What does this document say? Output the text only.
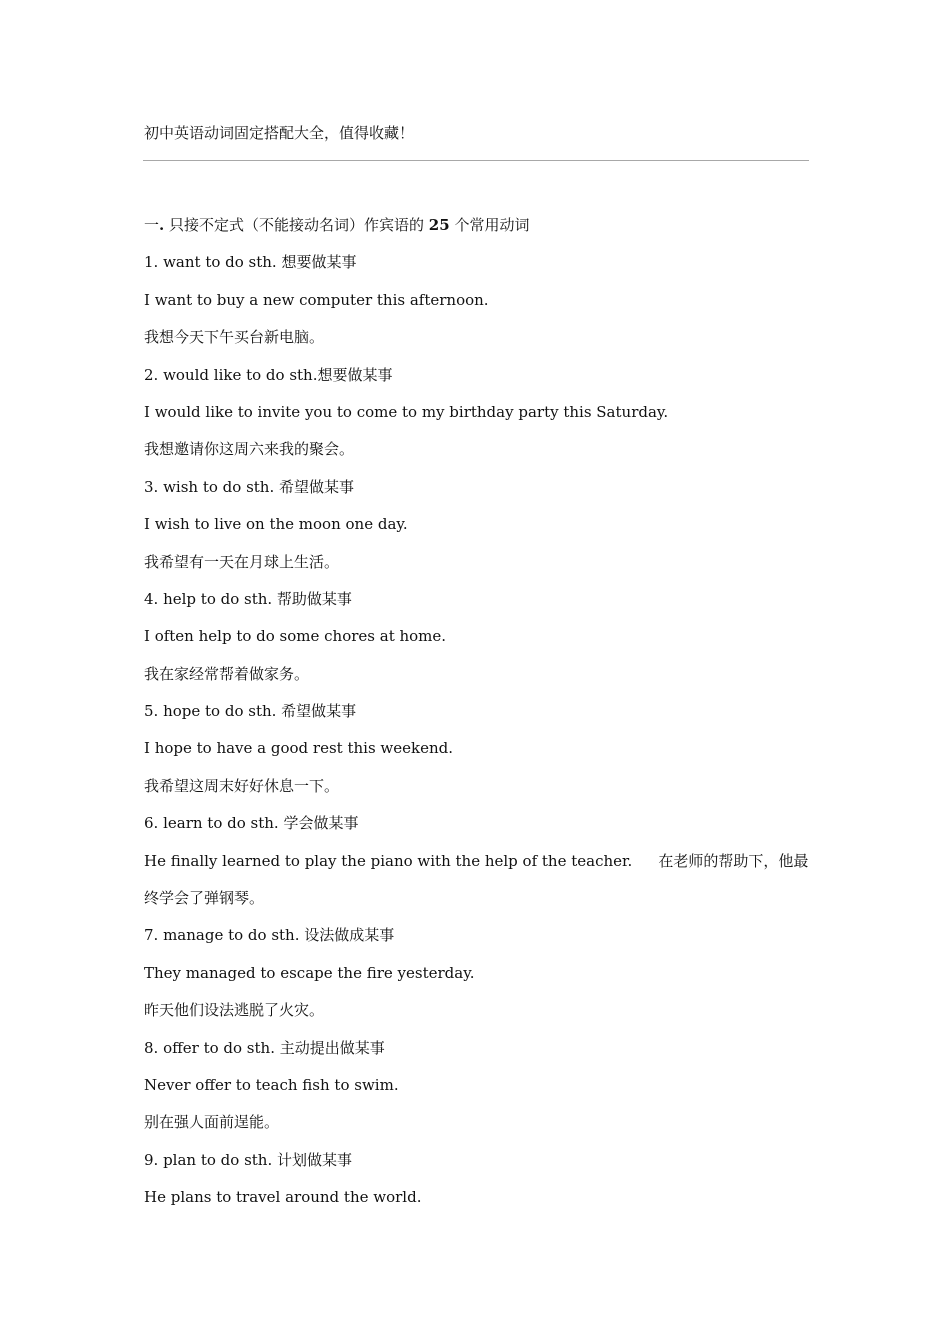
初中英语动词固定搭配大全，值得收藏！
一. 只接不定式（不能接动名词）作宾语的 25 个常用动词
1. want to do sth. 想要做某事
I want to buy a new computer this afternoon.
我想今天下午买台新电脑。
2. would like to do sth.想要做某事
I would like to invite you to come to my birthday party this Saturday.
我想邀请你这周六来我的聚会。
3. wish to do sth. 希望做某事
I wish to live on the moon one day.
我希望有一天在月球上生活。
4. help to do sth. 帮助做某事
I often help to do some chores at home.
我在家经常帮着做家务。
5. hope to do sth. 希望做某事
I hope to have a good rest this weekend.
我希望这周末好好休息一下。
6. learn to do sth. 学会做某事
He finally learned to play the piano with the help of the teacher. 在老师的帮助下，他最终学会了弹钢琴。
7. manage to do sth. 设法做成某事
They managed to escape the fire yesterday.
昨天他们设法逃脱了火灾。
8. offer to do sth. 主动提出做某事
Never offer to teach fish to swim.
别在强人面前逞能。
9. plan to do sth. 计划做某事
He plans to travel around the world.
